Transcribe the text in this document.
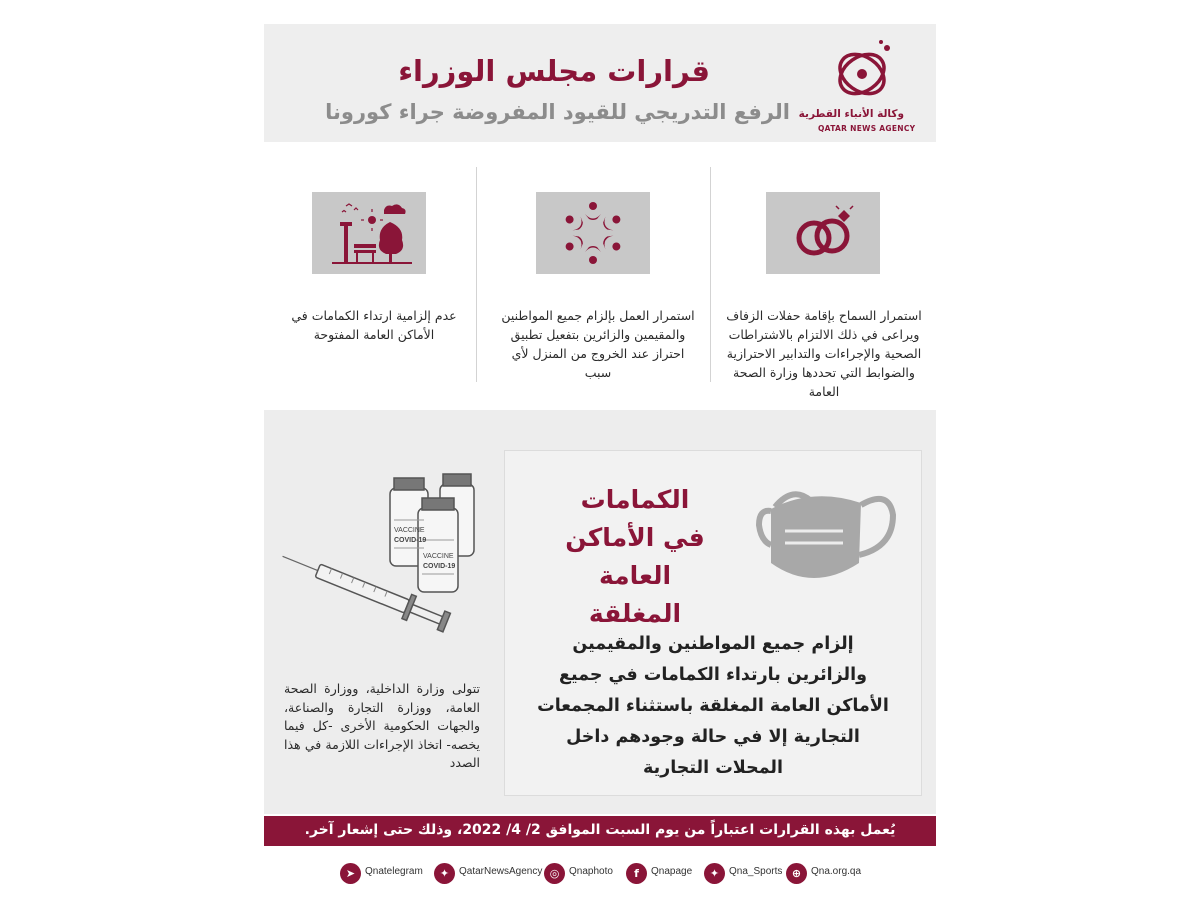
قرارات مجلس الوزراء
الرفع التدريجي للقيود المفروضة جراء كورونا وكالة الأنباء القطرية
QATAR NEWS AGENCY
استمرار السماح بإقامة حفلات الزفاف ويراعى في ذلك الالتزام بالاشتراطات الصحية والإجراءات والتدابير الاحترازية والضوابط التي تحددها وزارة الصحة العامة
استمرار العمل بإلزام جميع المواطنين والمقيمين والزائرين بتفعيل تطبيق احتراز عند الخروج من المنزل لأي سبب
عدم إلزامية ارتداء الكمامات في الأماكن العامة المفتوحة
VACCINE
COVID-19
VACCINE
COVID-19
تتولى وزارة الداخلية، ووزارة الصحة العامة، ووزارة التجارة والصناعة، والجهات الحكومية الأخرى -كل فيما يخصه- اتخاذ الإجراءات اللازمة في هذا الصدد
الكمامات
في الأماكن العامة
المغلقة
إلزام جميع المواطنين والمقيمين والزائرين بارتداء الكمامات في جميع الأماكن العامة المغلقة باستثناء المجمعات التجارية إلا في حالة وجودهم داخل المحلات التجارية
يُعمل بهذه القرارات اعتباراً من يوم السبت الموافق 2/ 4/ 2022، وذلك حتى إشعار آخر.
➤ Qnatelegram	✦ QatarNewsAgency ◎ Qnaphoto	f	Qnapage	✦ Qna_Sports ⊕ Qna.org.qa
